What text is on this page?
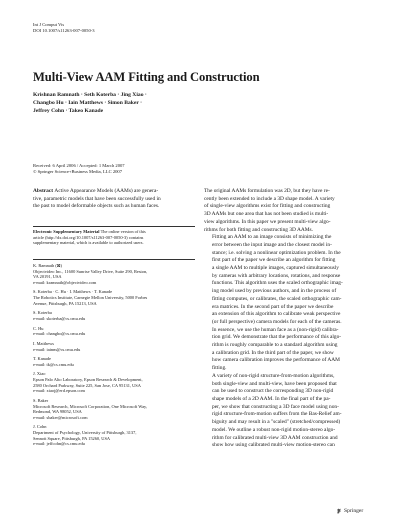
Int J Comput Vis
DOI 10.1007/s11263-007-0050-3
Multi-View AAM Fitting and Construction
Krishnan Ramnath · Seth Koterba · Jing Xiao ·
Changbo Hu · Iain Matthews · Simon Baker ·
Jeffrey Cohn · Takeo Kanade
Received: 6 April 2006 / Accepted: 1 March 2007
© Springer Science+Business Media, LLC 2007
Abstract Active Appearance Models (AAMs) are genera-
tive, parametric models that have been successfully used in
the past to model deformable objects such as human faces.
Electronic Supplementary Material The online version of this
article (http://dx.doi.org/10.1007/s11263-007-0050-3) contains
supplementary material, which is available to authorized users.
K. Ramnath (⊠)
Objectvideo Inc., 11600 Sunrise Valley Drive, Suite 290, Reston,
VA 20191, USA
e-mail: kramnath@objectvideo.com
S. Koterba · C. Hu · I. Matthews · T. Kanade
The Robotics Institute, Carnegie Mellon University, 5000 Forbes
Avenue, Pittsburgh, PA 15213, USA
S. Koterba
e-mail: skoterba@cs.cmu.edu
C. Hu
e-mail: changbo@cs.cmu.edu
I. Matthews
e-mail: iainm@cs.cmu.edu
T. Kanade
e-mail: tk@cs.cmu.edu
J. Xiao
Epson Palo Alto Laboratory, Epson Research & Development,
2580 Orchard Parkway, Suite 225, San Jose, CA 95131, USA
e-mail: xiaoj@erd.epson.com
S. Baker
Microsoft Research, Microsoft Corporation, One Microsoft Way,
Redmond, WA 98052, USA
e-mail: sbaker@microsoft.com
J. Cohn
Department of Psychology, University of Pittsburgh, 3137,
Sennott Square, Pittsburgh, PA 15260, USA
e-mail: jeffcohn@cs.cmu.edu

The original AAMs formulation was 2D, but they have re-
cently been extended to include a 3D shape model. A variety
of single-view algorithms exist for fitting and constructing
3D AAMs but one area that has not been studied is multi-
view algorithms. In this paper we present multi-view algo-
rithms for both fitting and constructing 3D AAMs.

Fitting an AAM to an image consists of minimizing the
error between the input image and the closest model in-
stance; i.e. solving a nonlinear optimization problem. In the
first part of the paper we describe an algorithm for fitting
a single AAM to multiple images, captured simultaneously
by cameras with arbitrary locations, rotations, and response
functions. This algorithm uses the scaled orthographic imag-
ing model used by previous authors, and in the process of
fitting computes, or calibrates, the scaled orthographic cam-
era matrices. In the second part of the paper we describe
an extension of this algorithm to calibrate weak perspective
(or full perspective) camera models for each of the cameras.
In essence, we use the human face as a (non-rigid) calibra-
tion grid. We demonstrate that the performance of this algo-
rithm is roughly comparable to a standard algorithm using
a calibration grid. In the third part of the paper, we show
how camera calibration improves the performance of AAM
fitting.

A variety of non-rigid structure-from-motion algorithms,
both single-view and multi-view, have been proposed that
can be used to construct the corresponding 3D non-rigid
shape models of a 2D AAM. In the final part of the pa-
per, we show that constructing a 3D face model using non-
rigid structure-from-motion suffers from the Bas-Relief am-
biguity and may result in a "scaled" (stretched/compressed)
model. We outline a robust non-rigid motion-stereo algo-
rithm for calibrated multi-view 3D AAM construction and
show how using calibrated multi-view motion-stereo can

Springer
